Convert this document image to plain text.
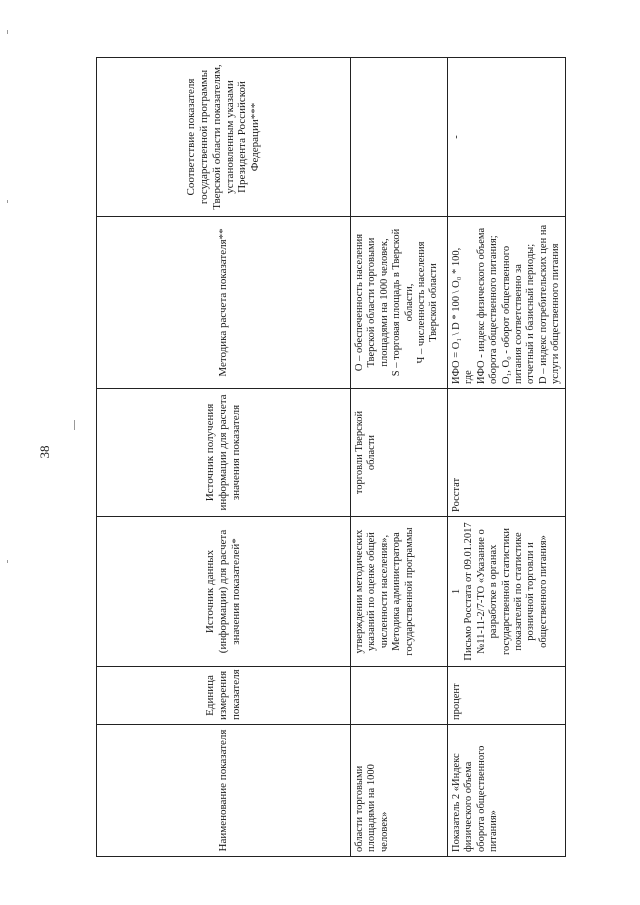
38
Наименование показателя	Единица измерения показателя	Источник данных (информации) для расчета значения показателей*	Источник получения информации для расчета значения показателя	Методика расчета показателя**	Соответствие показателя государственной программы Тверской области показателям, установленным указами Президента Российской Федерации***
области торговыми площадями на 1000 человек»		утверждении методических указаний по оценке общей численности населения», Методика администратора государственной программы	торговли Тверской области	О – обеспеченность населения Тверской области торговыми площадями на 1000 человек, S – торговая площадь в Тверской области, Ч – численность населения Тверской области	

Показатель 2 «Индекс физического объема оборота общественного питания»	процент	1 Письмо Росстата от 09.01.2017 №11-11-2/7-ТО «Указание о разработке в органах государственной статистики показателей по статистике розничной торговли и общественного питания»	Росстат	ИФО = О₁ \ D * 100 \ О₀ * 100, где ИФО - индекс физического объема оборота общественного питания; О₁, О₀ - оборот общественного питания соответственно за отчетный и базисный периоды; D – индекс потребительских цен на услуги общественного питания	-
